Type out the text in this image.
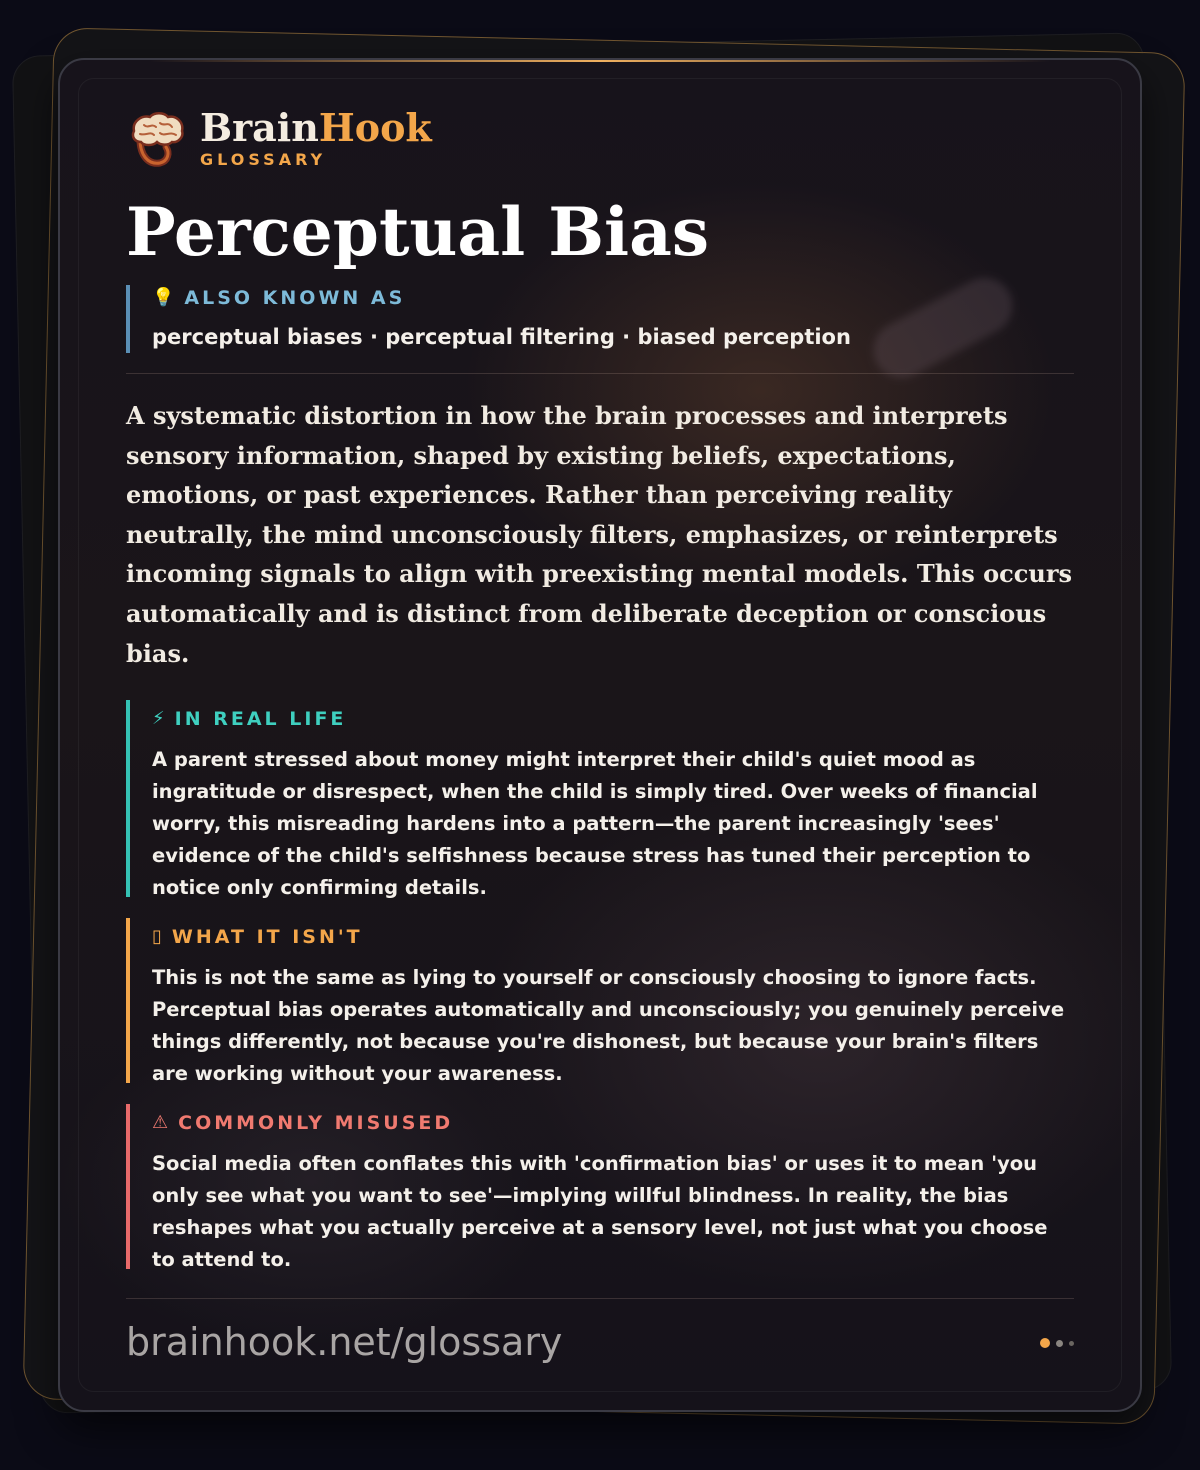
BrainHook
GLOSSARY
Perceptual Bias
💡 ALSO KNOWN AS
perceptual biases · perceptual filtering · biased perception

A systematic distortion in how the brain processes and interprets sensory information, shaped by existing beliefs, expectations, emotions, or past experiences. Rather than perceiving reality neutrally, the mind unconsciously filters, emphasizes, or reinterprets incoming signals to align with preexisting mental models. This occurs automatically and is distinct from deliberate deception or conscious bias.

⚡ IN REAL LIFE
A parent stressed about money might interpret their child's quiet mood as ingratitude or disrespect, when the child is simply tired. Over weeks of financial worry, this misreading hardens into a pattern—the parent increasingly 'sees' evidence of the child's selfishness because stress has tuned their perception to notice only confirming details.
▯ WHAT IT ISN'T
This is not the same as lying to yourself or consciously choosing to ignore facts. Perceptual bias operates automatically and unconsciously; you genuinely perceive things differently, not because you're dishonest, but because your brain's filters are working without your awareness.
⚠ COMMONLY MISUSED
Social media often conflates this with 'confirmation bias' or uses it to mean 'you only see what you want to see'—implying willful blindness. In reality, the bias reshapes what you actually perceive at a sensory level, not just what you choose to attend to.
brainhook.net/glossary
